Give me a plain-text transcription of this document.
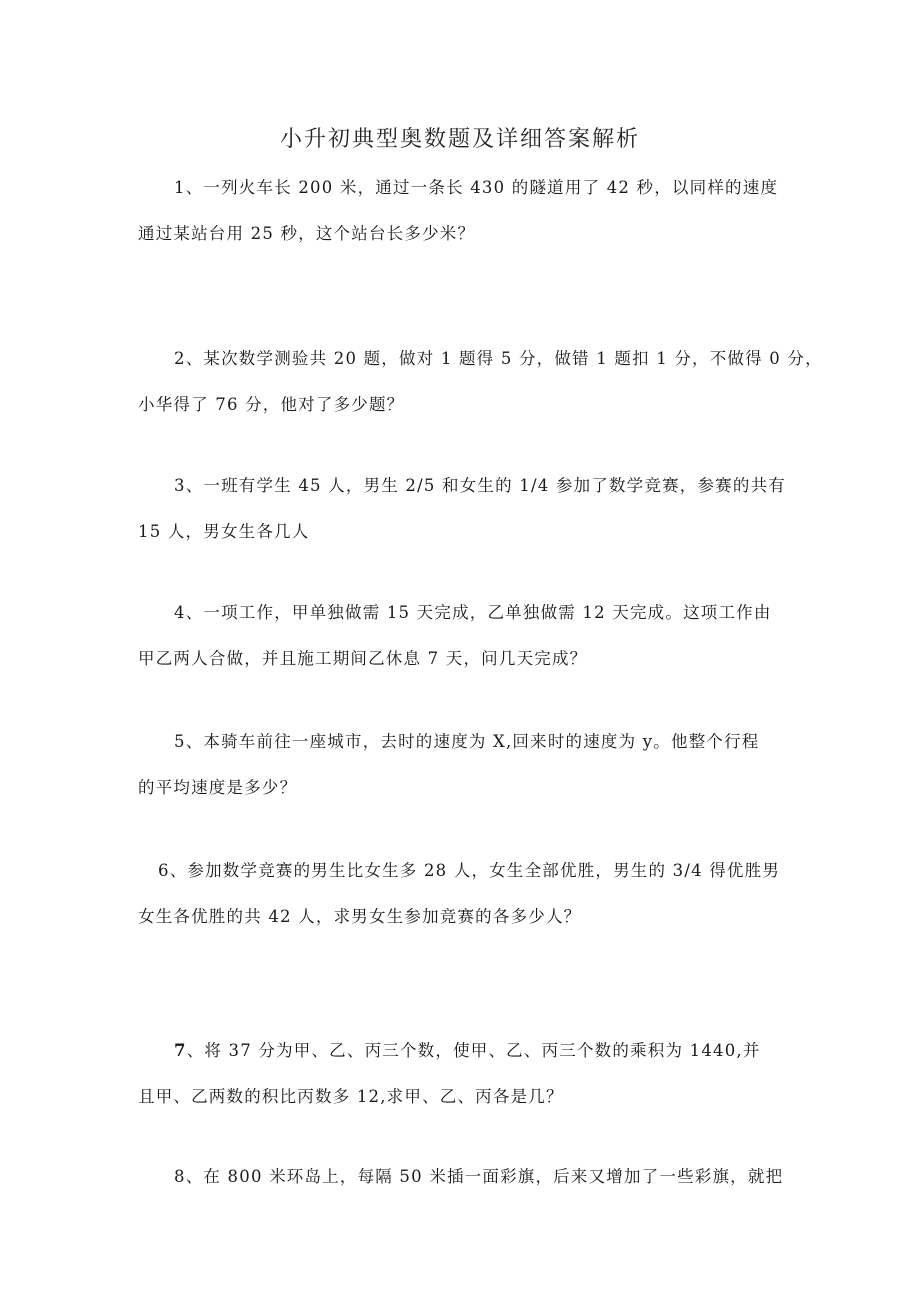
小升初典型奥数题及详细答案解析
1、一列火车长 200 米，通过一条长 430 的隧道用了 42 秒，以同样的速度
通过某站台用 25 秒，这个站台长多少米？
2、某次数学测验共 20 题，做对 1 题得 5 分，做错 1 题扣 1 分，不做得 0 分，
小华得了 76 分，他对了多少题？
3、一班有学生 45 人，男生 2/5 和女生的 1/4 参加了数学竞赛，参赛的共有
15 人，男女生各几人
4、一项工作，甲单独做需 15 天完成，乙单独做需 12 天完成。这项工作由
甲乙两人合做，并且施工期间乙休息 7 天，问几天完成？
5、本骑车前往一座城市，去时的速度为 X,回来时的速度为 y。他整个行程
的平均速度是多少？
6、参加数学竞赛的男生比女生多 28 人，女生全部优胜，男生的 3/4 得优胜男
女生各优胜的共 42 人，求男女生参加竞赛的各多少人？
7、将 37 分为甲、乙、丙三个数，使甲、乙、丙三个数的乘积为 1440,并
且甲、乙两数的积比丙数多 12,求甲、乙、丙各是几？
8、在 800 米环岛上，每隔 50 米插一面彩旗，后来又增加了一些彩旗，就把
